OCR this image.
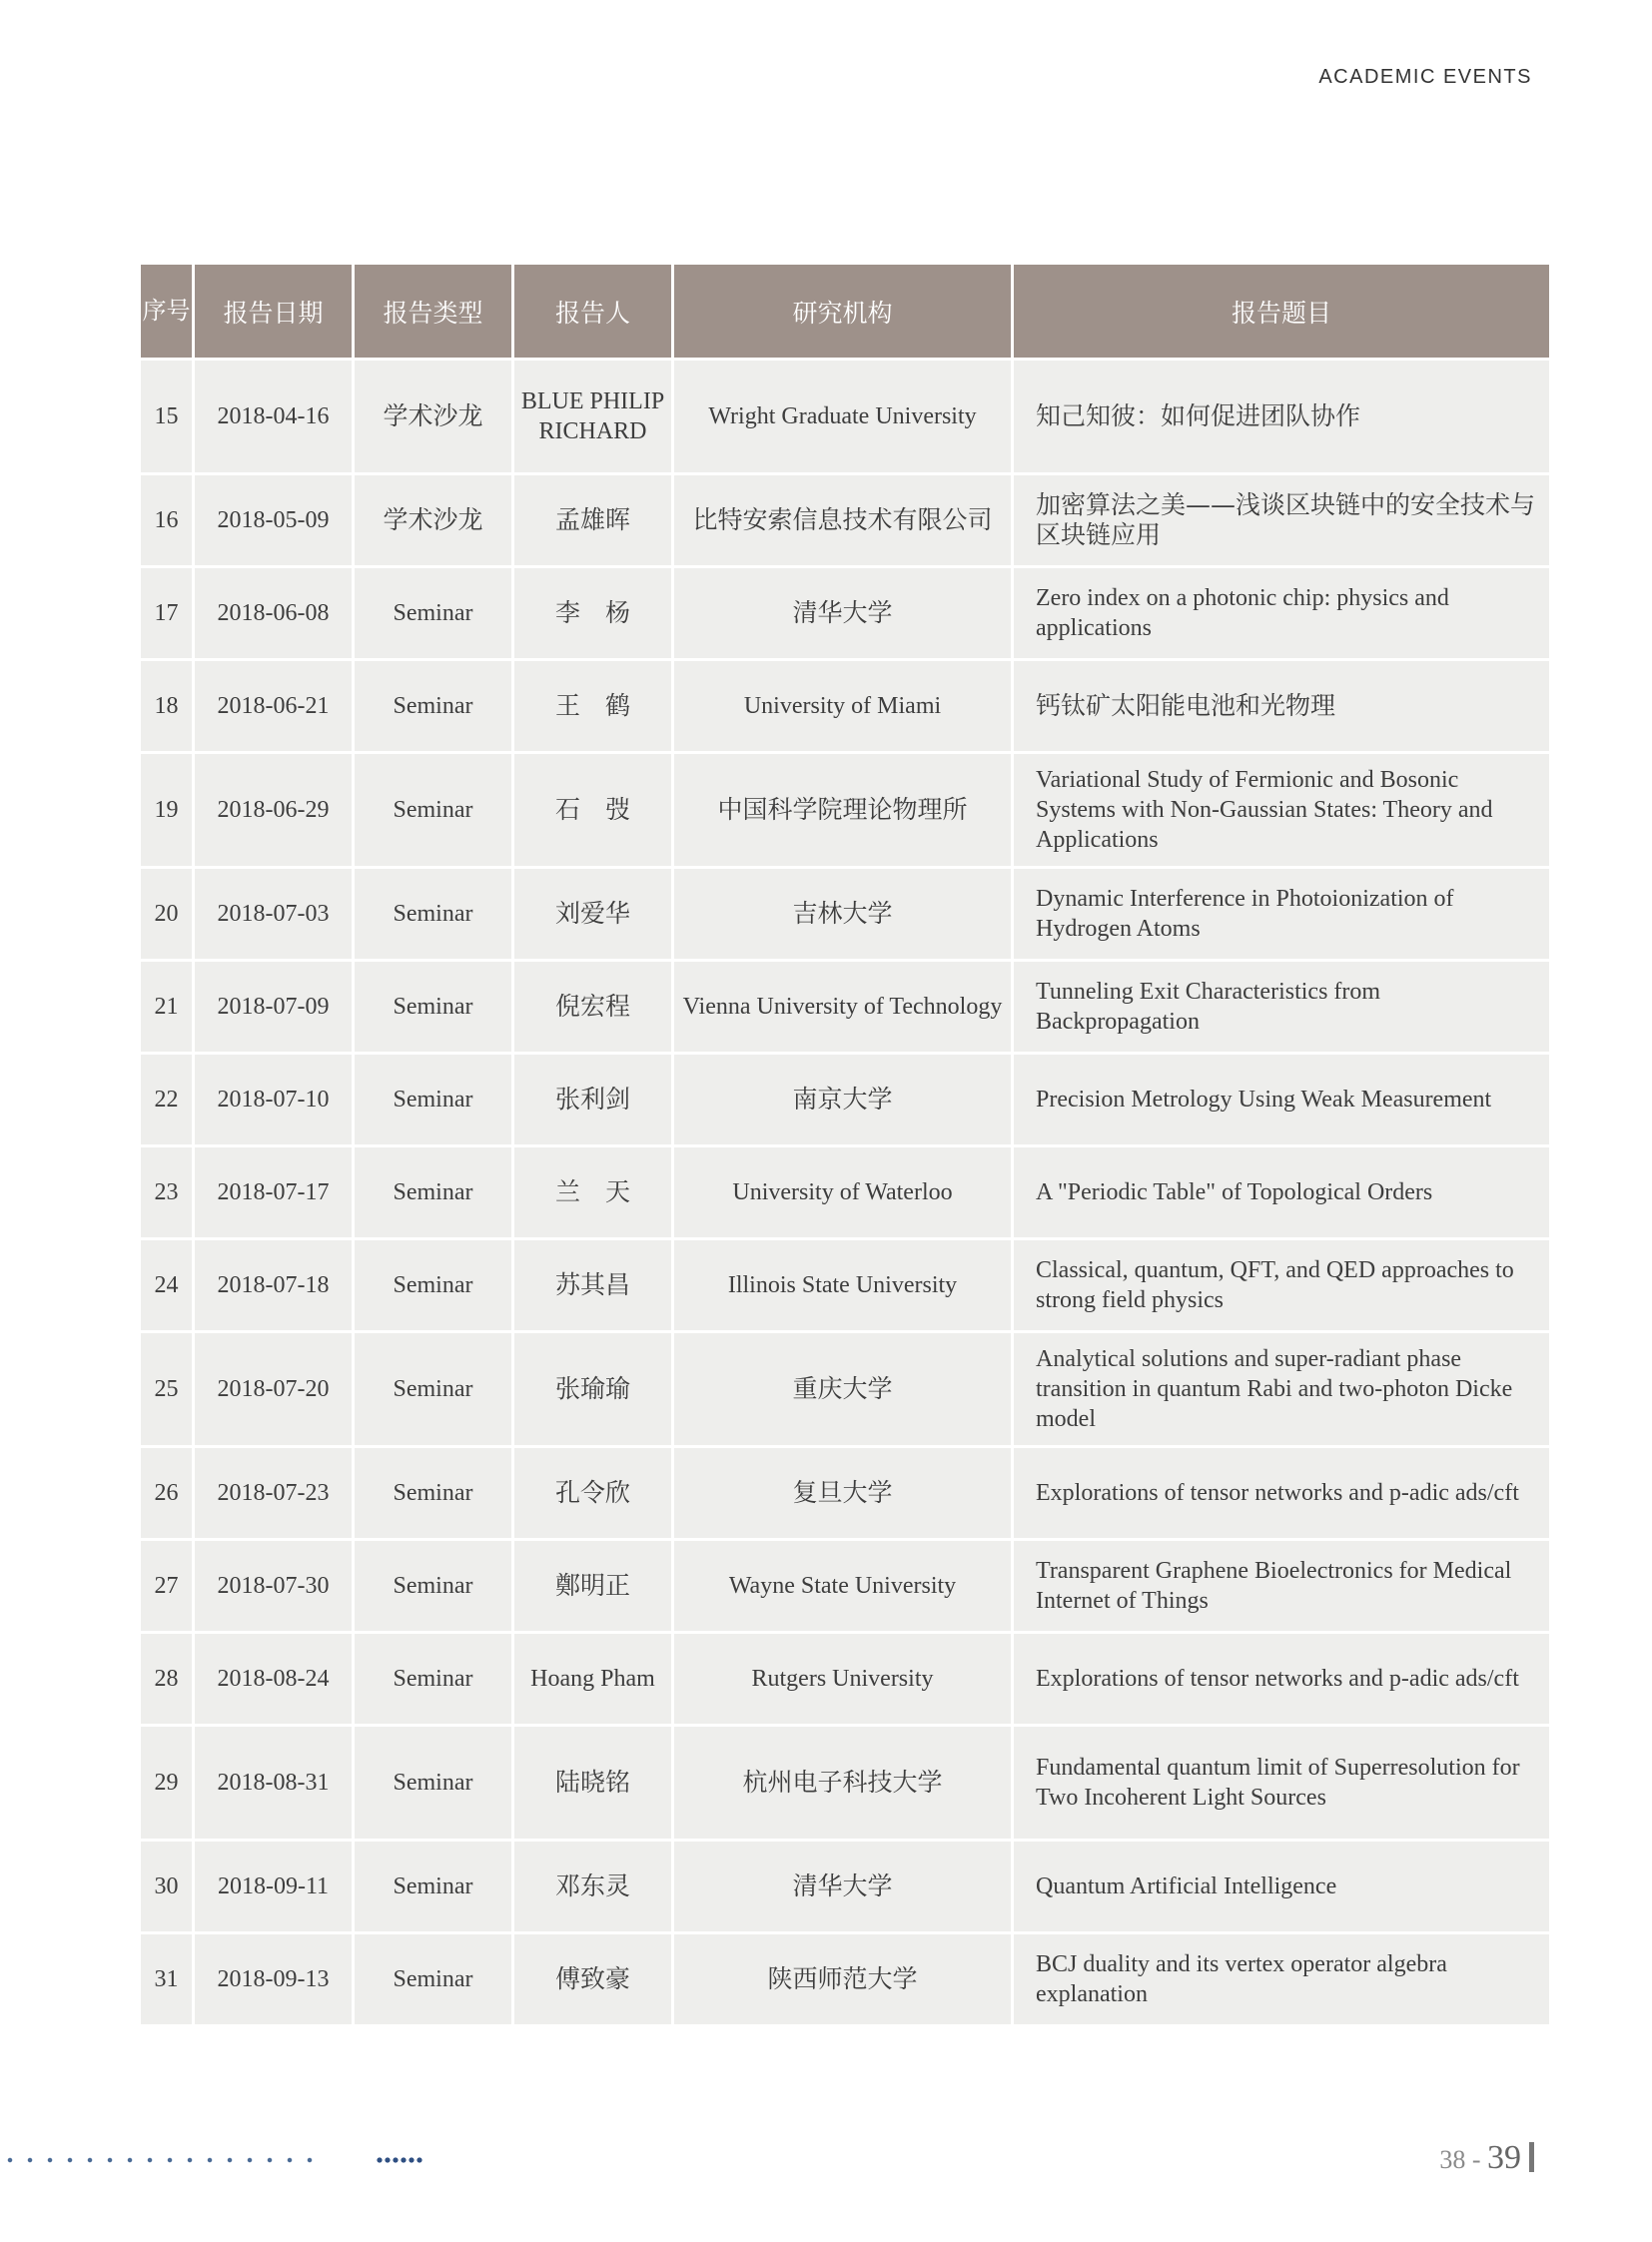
ACADEMIC EVENTS
序号	报告日期	报告类型	报告人	研究机构	报告题目
15	2018-04-16	学术沙龙	BLUE PHILIP RICHARD	Wright Graduate University	知己知彼：如何促进团队协作
16	2018-05-09	学术沙龙	孟雄晖	比特安索信息技术有限公司	加密算法之美——浅谈区块链中的安全技术与区块链应用
17	2018-06-08	Seminar	李　杨	清华大学	Zero index on a photonic chip: physics and applications
18	2018-06-21	Seminar	王　鹤	University of Miami	钙钛矿太阳能电池和光物理
19	2018-06-29	Seminar	石　弢	中国科学院理论物理所	Variational Study of Fermionic and Bosonic Systems with Non-Gaussian States: Theory and Applications
20	2018-07-03	Seminar	刘爱华	吉林大学	Dynamic Interference in Photoionization of Hydrogen Atoms
21	2018-07-09	Seminar	倪宏程	Vienna University of Technology	Tunneling Exit Characteristics from Backpropagation
22	2018-07-10	Seminar	张利剑	南京大学	Precision Metrology Using Weak Measurement
23	2018-07-17	Seminar	兰　天	University of Waterloo	A "Periodic Table" of Topological Orders
24	2018-07-18	Seminar	苏其昌	Illinois State University	Classical, quantum, QFT, and QED approaches to strong field physics
25	2018-07-20	Seminar	张瑜瑜	重庆大学	Analytical solutions and super-radiant phase transition in quantum Rabi and two-photon Dicke model
26	2018-07-23	Seminar	孔令欣	复旦大学	Explorations of tensor networks and p-adic ads/cft
27	2018-07-30	Seminar	鄭明正	Wayne State University	Transparent Graphene Bioelectronics for Medical Internet of Things
28	2018-08-24	Seminar	Hoang Pham	Rutgers University	Explorations of tensor networks and p-adic ads/cft
29	2018-08-31	Seminar	陆晓铭	杭州电子科技大学	Fundamental quantum limit of Superresolution for Two Incoherent Light Sources
30	2018-09-11	Seminar	邓东灵	清华大学	Quantum Artificial Intelligence
31	2018-09-13	Seminar	傅致豪	陕西师范大学	BCJ duality and its vertex operator algebra explanation
38 - 39
